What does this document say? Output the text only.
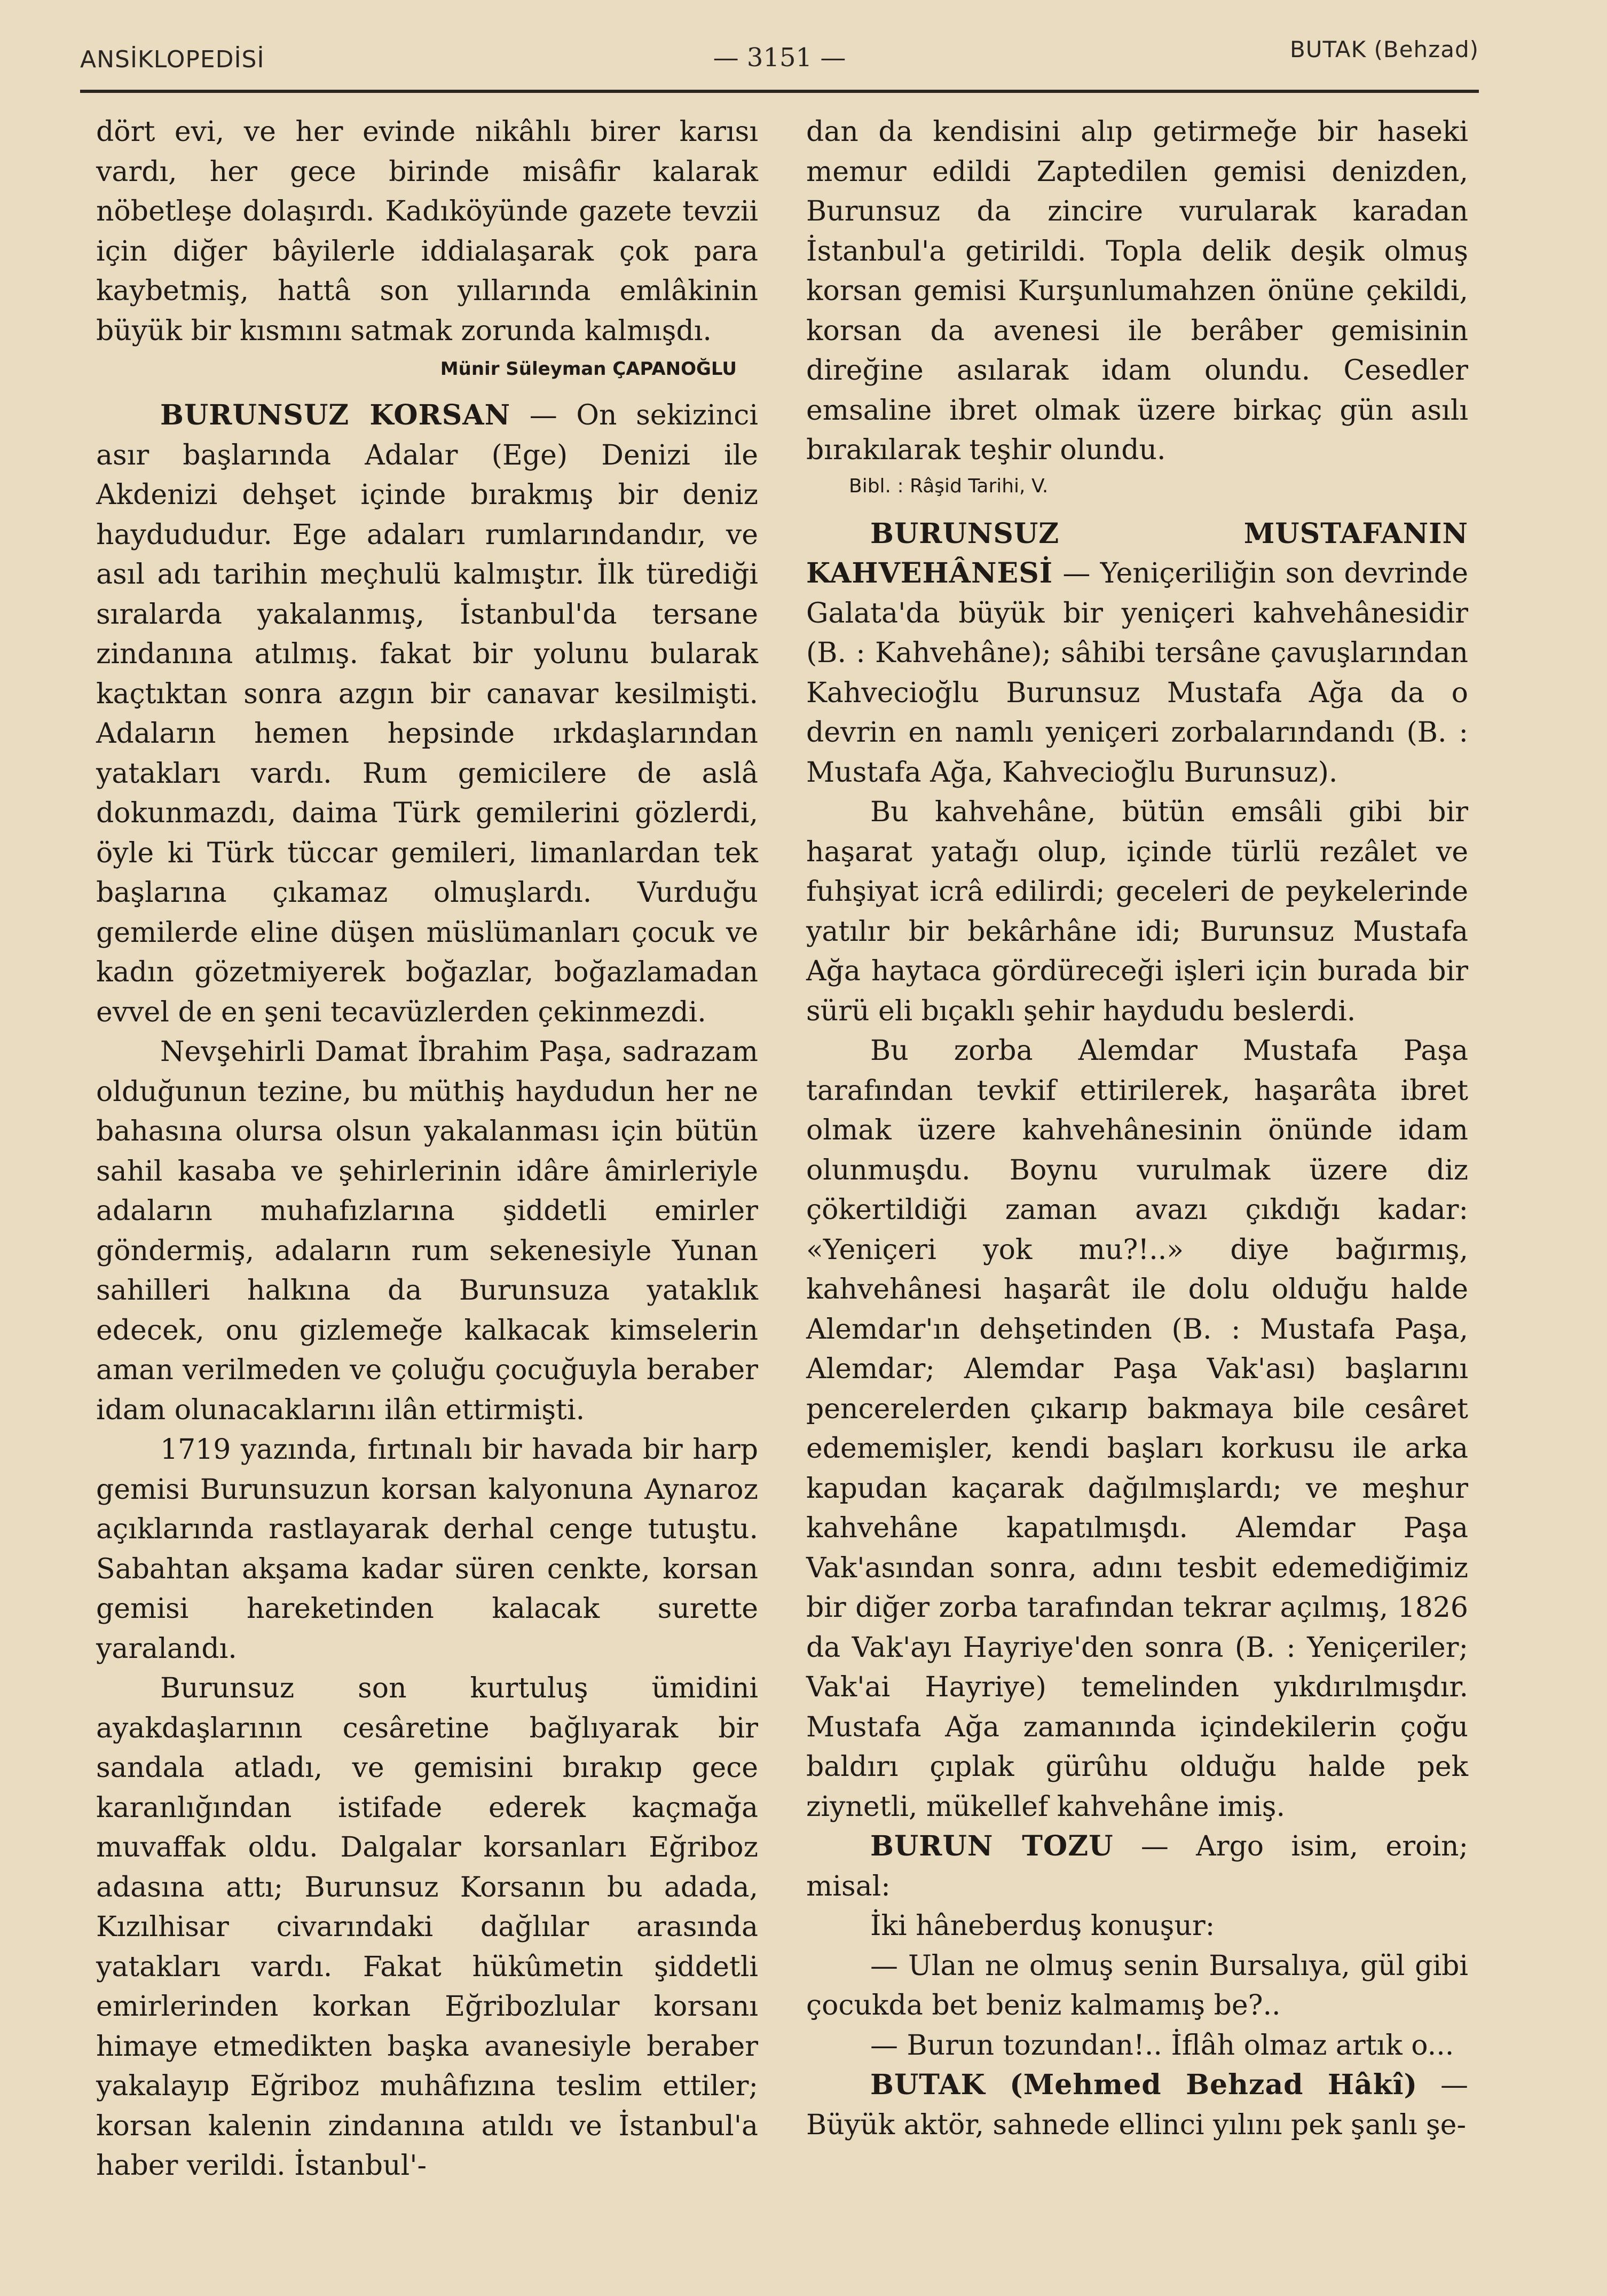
ANSİKLOPEDİSİ	— 3151 —	BUTAK (Behzad)

dört evi, ve her evinde nikâhlı birer karısı vardı, her gece birinde misâfir kalarak nöbetleşe dolaşırdı. Kadıköyünde gazete tevzii için diğer bâyilerle iddialaşarak çok para kaybetmiş, hattâ son yıllarında emlâkinin büyük bir kısmını satmak zorunda kalmışdı.

Münir Süleyman ÇAPANOĞLU

BURUNSUZ KORSAN — On sekizinci asır başlarında Adalar (Ege) Denizi ile Akdenizi dehşet içinde bırakmış bir deniz haydududur. Ege adaları rumlarındandır, ve asıl adı tarihin meçhulü kalmıştır. İlk türediği sıralarda yakalanmış, İstanbul'da tersane zindanına atılmış. fakat bir yolunu bularak kaçtıktan sonra azgın bir canavar kesilmişti. Adaların hemen hepsinde ırkdaşlarından yatakları vardı. Rum gemicilere de aslâ dokunmazdı, daima Türk gemilerini gözlerdi, öyle ki Türk tüccar gemileri, limanlardan tek başlarına çıkamaz olmuşlardı. Vurduğu gemilerde eline düşen müslümanları çocuk ve kadın gözetmiyerek boğazlar, boğazlamadan evvel de en şeni tecavüzlerden çekinmezdi.

Nevşehirli Damat İbrahim Paşa, sadrazam olduğunun tezine, bu müthiş haydudun her ne bahasına olursa olsun yakalanması için bütün sahil kasaba ve şehirlerinin idâre âmirleriyle adaların muhafızlarına şiddetli emirler göndermiş, adaların rum sekenesiyle Yunan sahilleri halkına da Burunsuza yataklık edecek, onu gizlemeğe kalkacak kimselerin aman verilmeden ve çoluğu çocuğuyla beraber idam olunacaklarını ilân ettirmişti.

1719 yazında, fırtınalı bir havada bir harp gemisi Burunsuzun korsan kalyonuna Aynaroz açıklarında rastlayarak derhal cenge tutuştu. Sabahtan akşama kadar süren cenkte, korsan gemisi hareketinden kalacak surette yaralandı.

Burunsuz son kurtuluş ümidini ayakdaşlarının cesâretine bağlıyarak bir sandala atladı, ve gemisini bırakıp gece karanlığından istifade ederek kaçmağa muvaffak oldu. Dalgalar korsanları Eğriboz adasına attı; Burunsuz Korsanın bu adada, Kızılhisar civarındaki dağlılar arasında yatakları vardı. Fakat hükûmetin şiddetli emirlerinden korkan Eğribozlular korsanı himaye etmedikten başka avanesiyle beraber yakalayıp Eğriboz muhâfızına teslim ettiler; korsan kalenin zindanına atıldı ve İstanbul'a haber verildi. İstanbul'-

dan da kendisini alıp getirmeğe bir haseki memur edildi Zaptedilen gemisi denizden, Burunsuz da zincire vurularak karadan İstanbul'a getirildi. Topla delik deşik olmuş korsan gemisi Kurşunlumahzen önüne çekildi, korsan da avenesi ile berâber gemisinin direğine asılarak idam olundu. Cesedler emsaline ibret olmak üzere birkaç gün asılı bırakılarak teşhir olundu.

Bibl. : Râşid Tarihi, V.

BURUNSUZ MUSTAFANIN KAHVEHÂNESİ — Yeniçeriliğin son devrinde Galata'da büyük bir yeniçeri kahvehânesidir (B. : Kahvehâne); sâhibi tersâne çavuşlarından Kahvecioğlu Burunsuz Mustafa Ağa da o devrin en namlı yeniçeri zorbalarındandı (B. : Mustafa Ağa, Kahvecioğlu Burunsuz).

Bu kahvehâne, bütün emsâli gibi bir haşarat yatağı olup, içinde türlü rezâlet ve fuhşiyat icrâ edilirdi; geceleri de peykelerinde yatılır bir bekârhâne idi; Burunsuz Mustafa Ağa haytaca gördüreceği işleri için burada bir sürü eli bıçaklı şehir haydudu beslerdi.

Bu zorba Alemdar Mustafa Paşa tarafından tevkif ettirilerek, haşarâta ibret olmak üzere kahvehânesinin önünde idam olunmuşdu. Boynu vurulmak üzere diz çökertildiği zaman avazı çıkdığı kadar: «Yeniçeri yok mu?!..» diye bağırmış, kahvehânesi haşarât ile dolu olduğu halde Alemdar'ın dehşetinden (B. : Mustafa Paşa, Alemdar; Alemdar Paşa Vak'ası) başlarını pencerelerden çıkarıp bakmaya bile cesâret edememişler, kendi başları korkusu ile arka kapudan kaçarak dağılmışlardı; ve meşhur kahvehâne kapatılmışdı. Alemdar Paşa Vak'asından sonra, adını tesbit edemediğimiz bir diğer zorba tarafından tekrar açılmış, 1826 da Vak'ayı Hayriye'den sonra (B. : Yeniçeriler; Vak'ai Hayriye) temelinden yıkdırılmışdır. Mustafa Ağa zamanında içindekilerin çoğu baldırı çıplak gürûhu olduğu halde pek ziynetli, mükellef kahvehâne imiş.

BURUN TOZU — Argo isim, eroin; misal:

İki hâneberduş konuşur:

— Ulan ne olmuş senin Bursalıya, gül gibi çocukda bet beniz kalmamış be?..

— Burun tozundan!.. İflâh olmaz artık o...

BUTAK (Mehmed Behzad Hâkî) — Büyük aktör, sahnede ellinci yılını pek şanlı şe-
